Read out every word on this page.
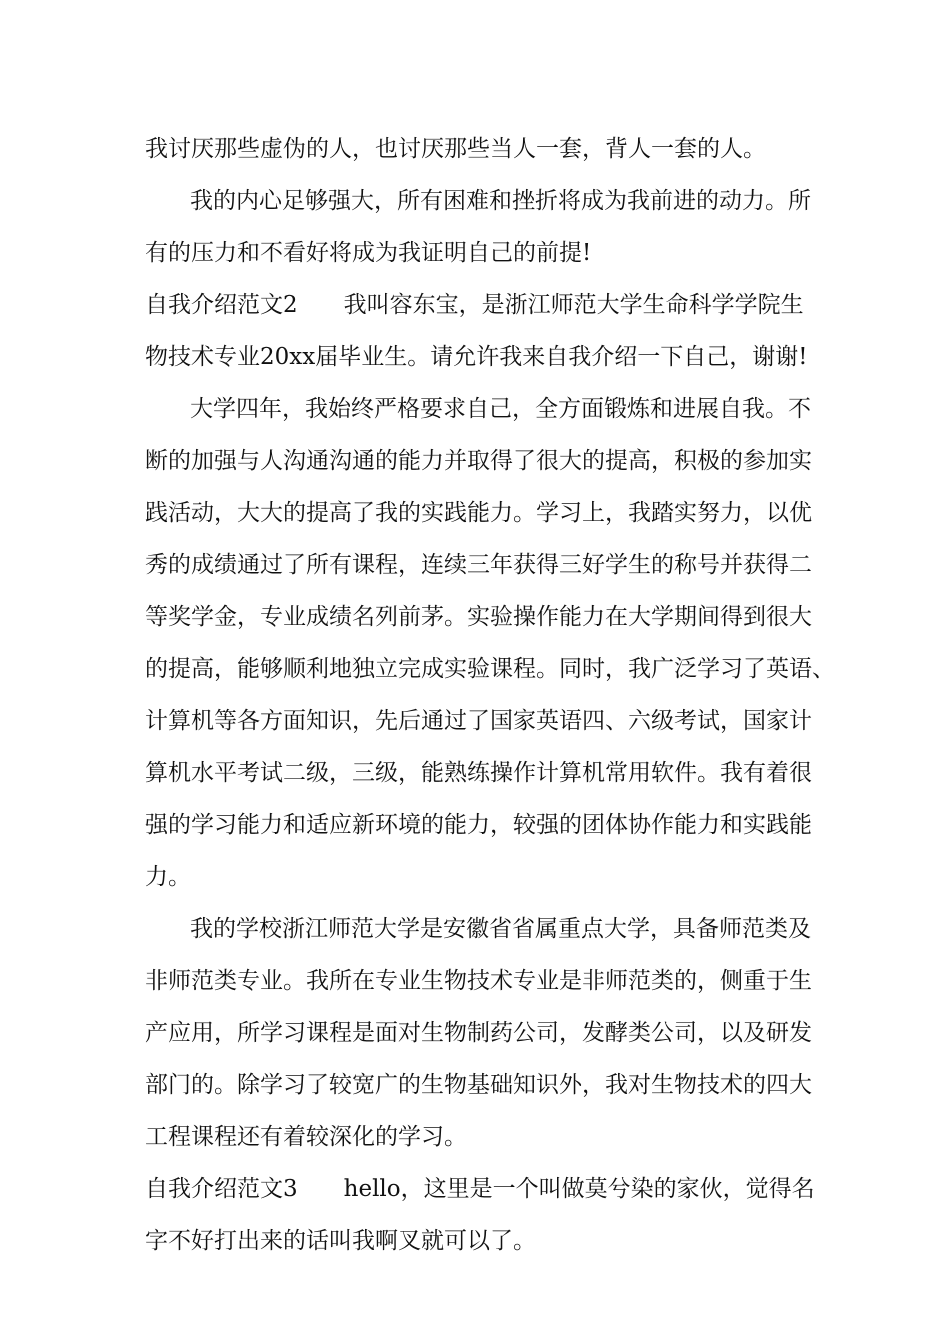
我讨厌那些虚伪的人，也讨厌那些当人一套，背人一套的人。
我的内心足够强大，所有困难和挫折将成为我前进的动力。所
有的压力和不看好将成为我证明自己的前提!
自我介绍范文2 我叫容东宝，是浙江师范大学生命科学学院生
物技术专业20xx届毕业生。请允许我来自我介绍一下自己，谢谢!
大学四年，我始终严格要求自己，全方面锻炼和进展自我。不
断的加强与人沟通沟通的能力并取得了很大的提高，积极的参加实
践活动，大大的提高了我的实践能力。学习上，我踏实努力，以优
秀的成绩通过了所有课程，连续三年获得三好学生的称号并获得二
等奖学金，专业成绩名列前茅。实验操作能力在大学期间得到很大
的提高，能够顺利地独立完成实验课程。同时，我广泛学习了英语、
计算机等各方面知识，先后通过了国家英语四、六级考试，国家计
算机水平考试二级，三级，能熟练操作计算机常用软件。我有着很
强的学习能力和适应新环境的能力，较强的团体协作能力和实践能
力。
我的学校浙江师范大学是安徽省省属重点大学，具备师范类及
非师范类专业。我所在专业生物技术专业是非师范类的，侧重于生
产应用，所学习课程是面对生物制药公司，发酵类公司，以及研发
部门的。除学习了较宽广的生物基础知识外，我对生物技术的四大
工程课程还有着较深化的学习。
自我介绍范文3 hello，这里是一个叫做莫兮染的家伙，觉得名
字不好打出来的话叫我啊叉就可以了。
